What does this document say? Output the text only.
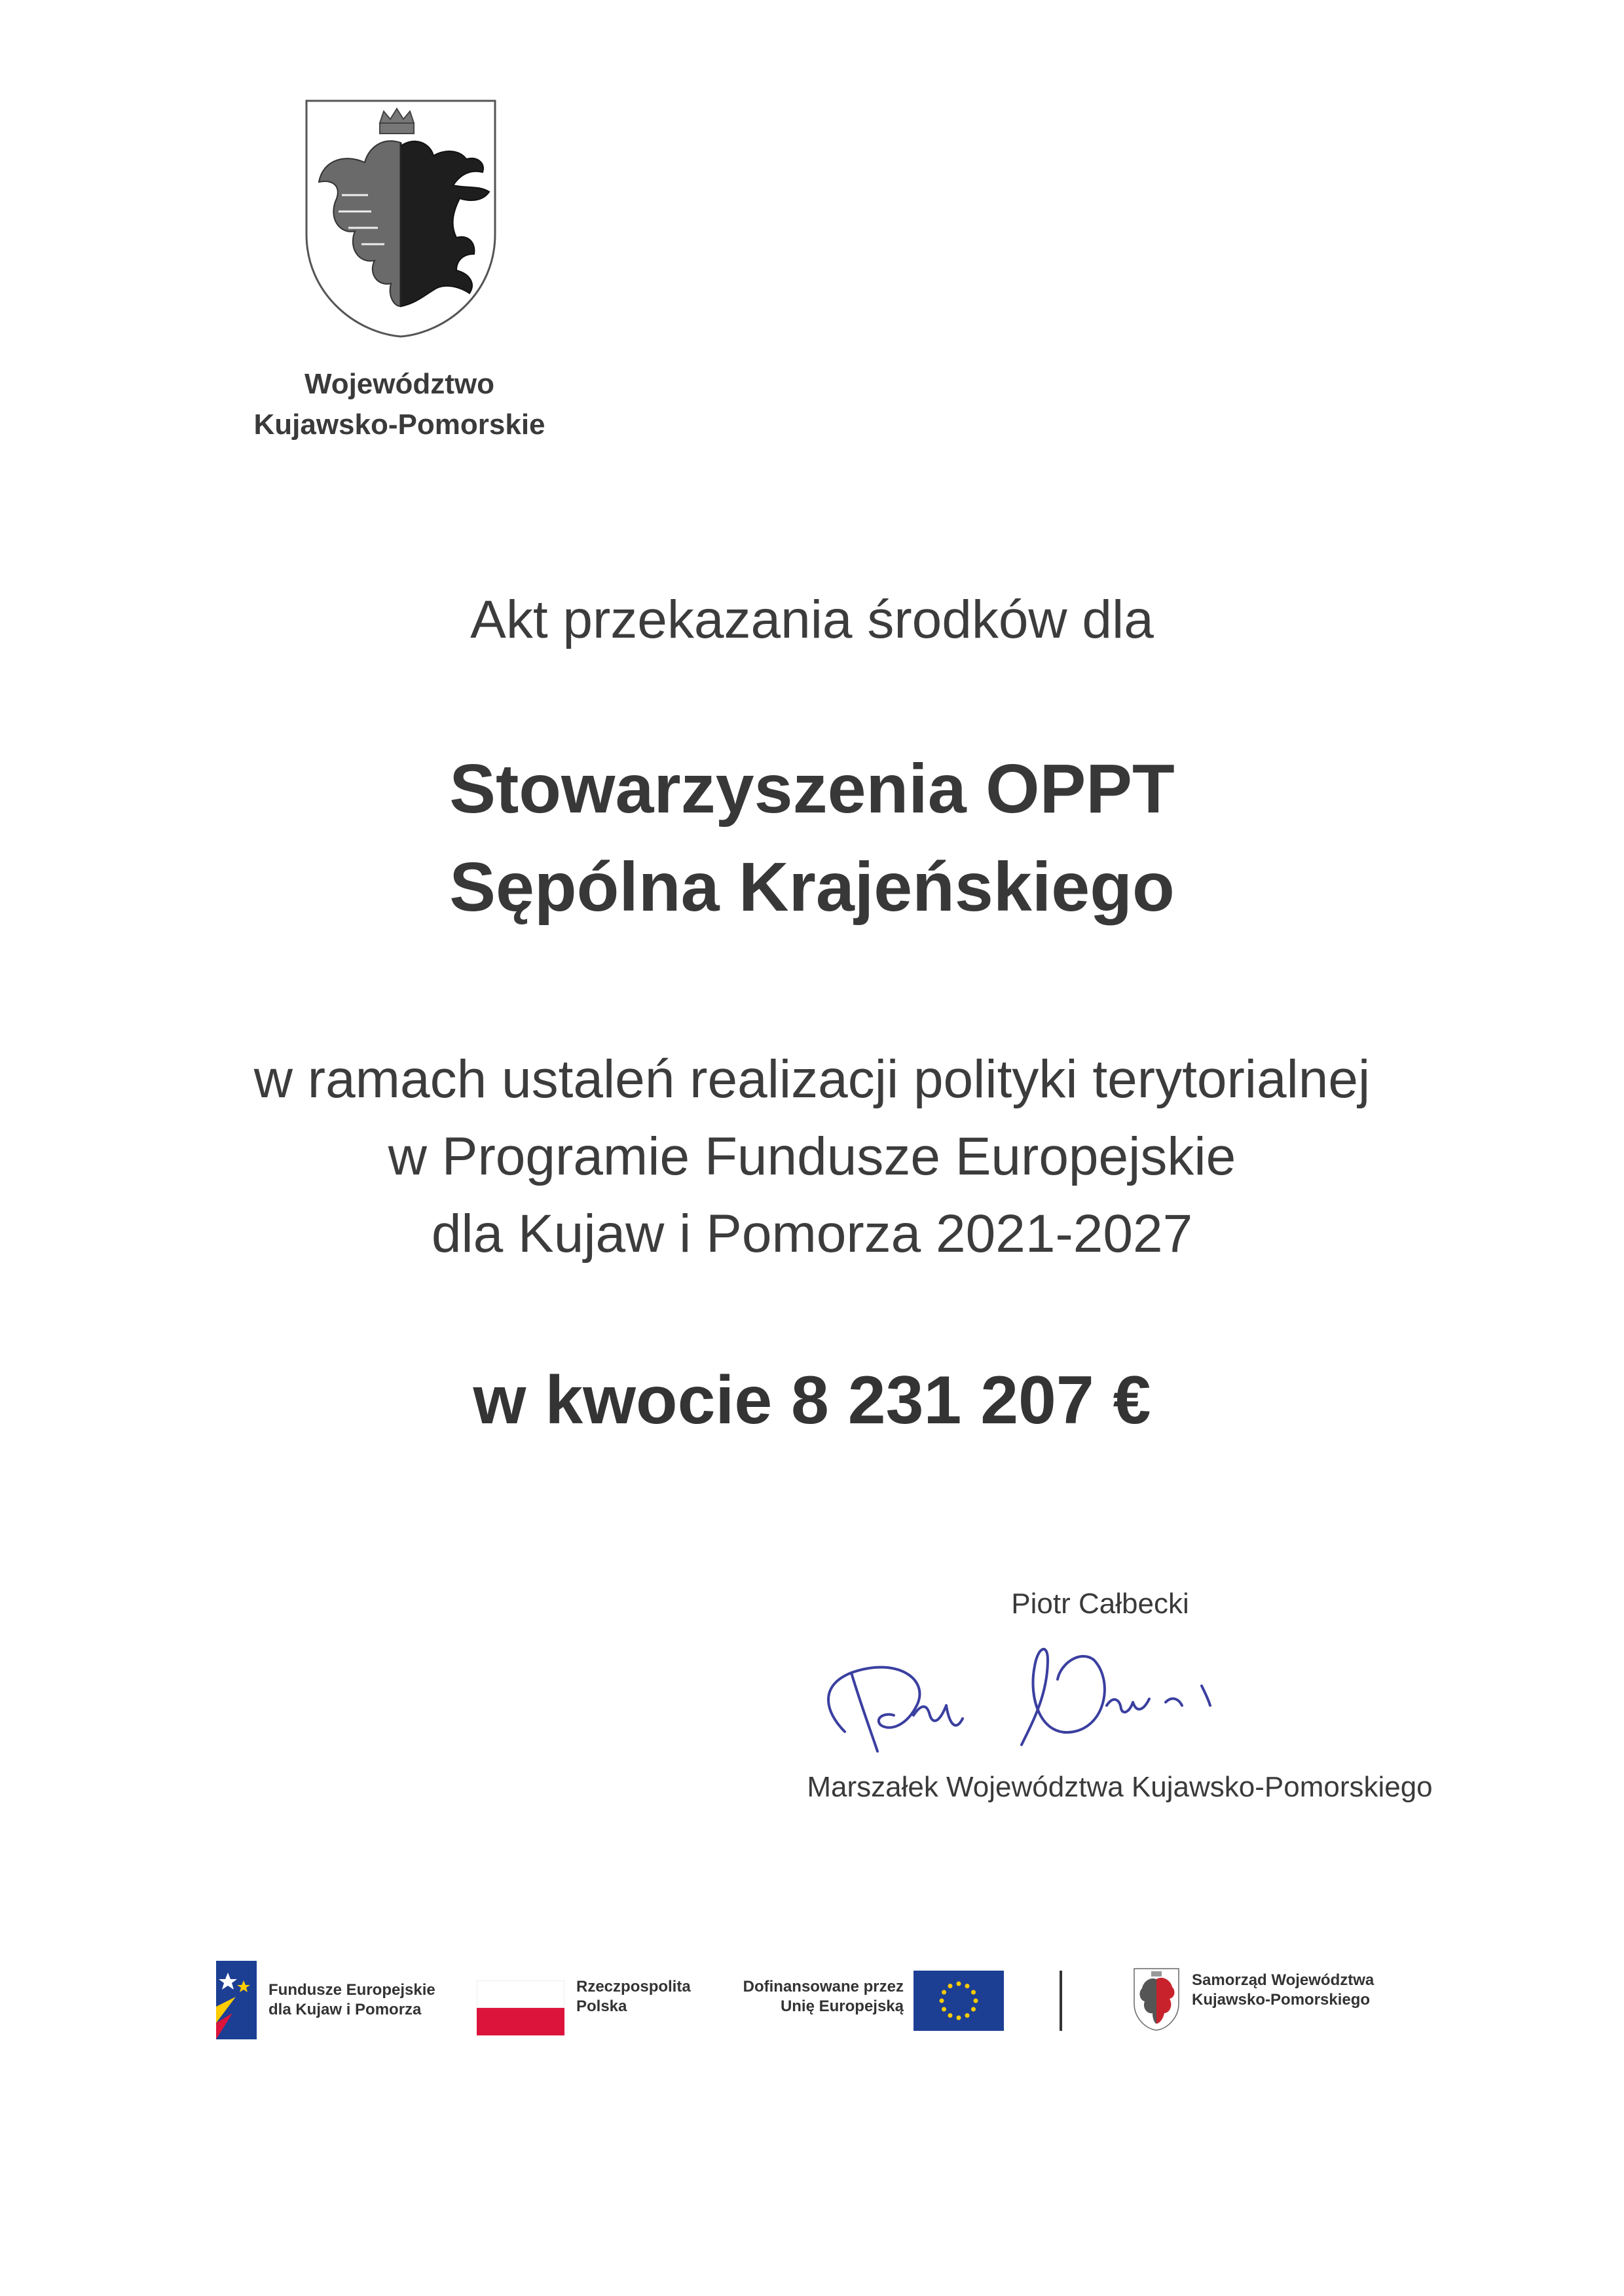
Województwo
Kujawsko-Pomorskie
Akt przekazania środków dla
Stowarzyszenia OPPT
Sępólna Krajeńskiego
w ramach ustaleń realizacji polityki terytorialnej
w Programie Fundusze Europejskie
dla Kujaw i Pomorza 2021-2027
w kwocie 8 231 207 €
Piotr Całbecki
Marszałek Województwa Kujawsko-Pomorskiego
Fundusze Europejskie
dla Kujaw i Pomorza
Rzeczpospolita
Polska
Dofinansowane przez
Unię Europejską
Samorząd Województwa
Kujawsko-Pomorskiego
